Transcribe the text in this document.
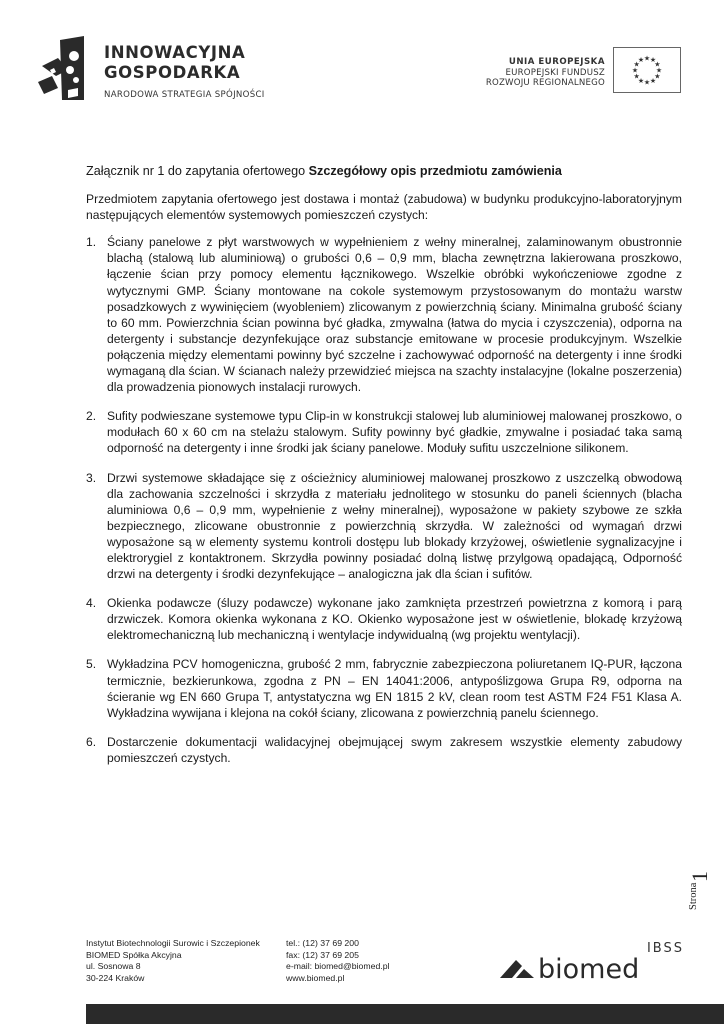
INNOWACYJNA
GOSPODARKA
NARODOWA STRATEGIA SPÓJNOŚCI
UNIA EUROPEJSKA
EUROPEJSKI FUNDUSZ
ROZWOJU REGIONALNEGO
★ ★
★
★
★
★
★
★
★
★
★
★

Załącznik nr 1 do zapytania ofertowego Szczegółowy opis przedmiotu zamówienia

Przedmiotem zapytania ofertowego jest dostawa i montaż (zabudowa) w budynku produkcyjno-laboratoryjnym następujących elementów systemowych pomieszczeń czystych:

1. Ściany panelowe z płyt warstwowych w wypełnieniem z wełny mineralnej, zalaminowanym obustronnie blachą (stalową lub aluminiową) o grubości 0,6 – 0,9 mm, blacha zewnętrzna lakierowana proszkowo, łączenie ścian przy pomocy elementu łącznikowego. Wszelkie obróbki wykończeniowe zgodne z wytycznymi GMP. Ściany montowane na cokole systemowym przystosowanym do montażu warstw posadzkowych z wywinięciem (wyobleniem) zlicowanym z powierzchnią ściany. Minimalna grubość ściany to 60 mm. Powierzchnia ścian powinna być gładka, zmywalna (łatwa do mycia i czyszczenia), odporna na detergenty i substancje dezynfekujące oraz substancje emitowane w procesie produkcyjnym. Wszelkie połączenia między elementami powinny być szczelne i zachowywać odporność na detergenty i inne środki wymaganą dla ścian. W ścianach należy przewidzieć miejsca na szachty instalacyjne (lokalne poszerzenia) dla prowadzenia pionowych instalacji rurowych.
2. Sufity podwieszane systemowe typu Clip-in w konstrukcji stalowej lub aluminiowej malowanej proszkowo, o modułach 60 x 60 cm na stelażu stalowym. Sufity powinny być gładkie, zmywalne i posiadać taka samą odporność na detergenty i inne środki jak ściany panelowe. Moduły sufitu uszczelnione silikonem.
3. Drzwi systemowe składające się z ościeżnicy aluminiowej malowanej proszkowo z uszczelką obwodową dla zachowania szczelności i skrzydła z materiału jednolitego w stosunku do paneli ściennych (blacha aluminiowa 0,6 – 0,9 mm, wypełnienie z wełny mineralnej), wyposażone w pakiety szybowe ze szkła bezpiecznego, zlicowane obustronnie z powierzchnią skrzydła. W zależności od wymagań drzwi wyposażone są w elementy systemu kontroli dostępu lub blokady krzyżowej, oświetlenie sygnalizacyjne i elektrorygiel z kontaktronem. Skrzydła powinny posiadać dolną listwę przylgową opadającą, Odporność drzwi na detergenty i środki dezynfekujące – analogiczna jak dla ścian i sufitów.
4. Okienka podawcze (śluzy podawcze) wykonane jako zamknięta przestrzeń powietrzna z komorą i parą drzwiczek. Komora okienka wykonana z KO. Okienko wyposażone jest w oświetlenie, blokadę krzyżową elektromechaniczną lub mechaniczną i wentylacje indywidualną (wg projektu wentylacji).
5. Wykładzina PCV homogeniczna, grubość 2 mm, fabrycznie zabezpieczona poliuretanem IQ-PUR, łączona termicznie, bezkierunkowa, zgodna z PN – EN 14041:2006, antypoślizgowa Grupa R9, odporna na ścieranie wg EN 660 Grupa T, antystatyczna wg EN 1815 2 kV, clean room test ASTM F24 F51 Klasa A. Wykładzina wywijana i klejona na cokół ściany, zlicowana z powierzchnią panelu ściennego.
6. Dostarczenie dokumentacji walidacyjnej obejmującej swym zakresem wszystkie elementy zabudowy pomieszczeń czystych.
Strona
1
Instytut Biotechnologii Surowic i Szczepionek
BIOMED Spółka Akcyjna
ul. Sosnowa 8
30-224 Kraków
tel.: (12) 37 69 200
fax: (12) 37 69 205
e-mail: biomed@biomed.pl
www.biomed.pl
IBSS
biomed
